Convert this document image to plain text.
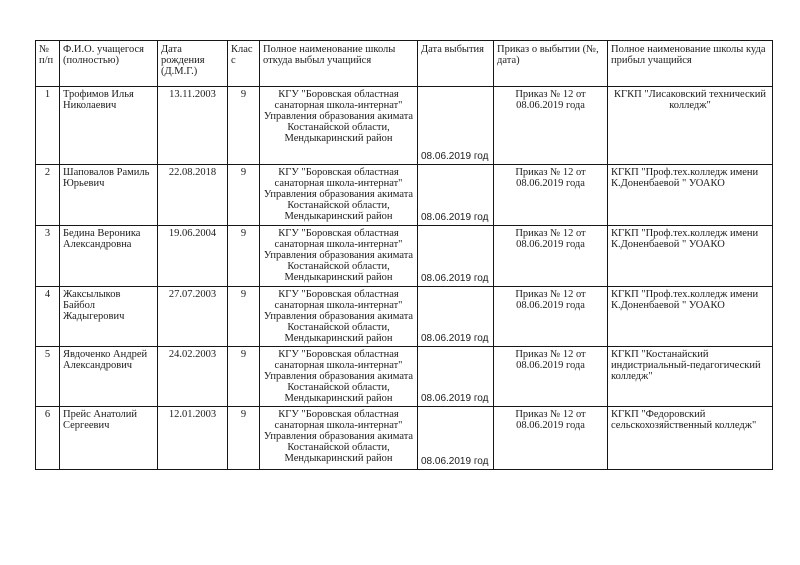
№ п/п	Ф.И.О. учащегося (полностью)	Дата рождения (Д.М.Г.)	Класс	Полное наименование школы откуда выбыл учащийся	Дата выбытия	Приказ о выбытии (№, дата)	Полное наименование школы куда прибыл учащийся
1	Трофимов Илья Николаевич	13.11.2003	9	КГУ "Боровская областная санаторная школа-интернат" Управления образования акимата Костанайской области, Мендыкаринский район	08.06.2019 год	Приказ № 12 от 08.06.2019 года	КГКП "Лисаковский технический колледж"
2	Шаповалов Рамиль Юрьевич	22.08.2018	9	КГУ "Боровская областная санаторная школа-интернат" Управления образования акимата Костанайской области, Мендыкаринский район	08.06.2019 год	Приказ № 12 от 08.06.2019 года	КГКП "Проф.тех.колледж имени К.Доненбаевой " УОАКО
3	Бедина Вероника Александровна	19.06.2004	9	КГУ "Боровская областная санаторная школа-интернат" Управления образования акимата Костанайской области, Мендыкаринский район	08.06.2019 год	Приказ № 12 от 08.06.2019 года	КГКП "Проф.тех.колледж имени К.Доненбаевой " УОАКО
4	Жаксылыков Байбол Жадыгерович	27.07.2003	9	КГУ "Боровская областная санаторная школа-интернат" Управления образования акимата Костанайской области, Мендыкаринский район	08.06.2019 год	Приказ № 12 от 08.06.2019 года	КГКП "Проф.тех.колледж имени К.Доненбаевой " УОАКО
5	Явдоченко Андрей Александрович	24.02.2003	9	КГУ "Боровская областная санаторная школа-интернат" Управления образования акимата Костанайской области, Мендыкаринский район	08.06.2019 год	Приказ № 12 от 08.06.2019 года	КГКП "Костанайский индистриальный-педагогический колледж"
6	Прейс Анатолий Сергеевич	12.01.2003	9	КГУ "Боровская областная санаторная школа-интернат" Управления образования акимата Костанайской области, Мендыкаринский район	08.06.2019 год	Приказ № 12 от 08.06.2019 года	КГКП "Федоровский сельскохозяйственный колледж"
